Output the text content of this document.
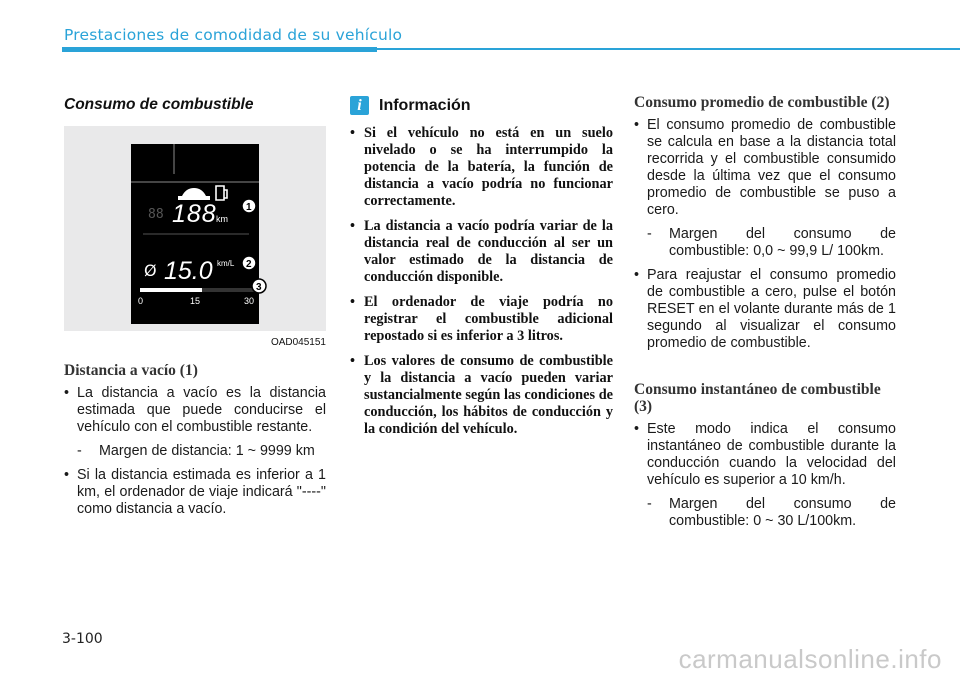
Prestaciones de comodidad de su vehículo
Consumo de combustible
88 188 km
Ø 15.0 km/L
0	15	30
1
2
3
OAD045151
Distancia a vacío (1)
• La distancia a vacío es la distancia estimada que puede conducirse el vehículo con el combustible restante.
- Margen de distancia: 1 ~ 9999 km
• Si la distancia estimada es inferior a 1 km, el ordenador de viaje indicará "----" como distancia a vacío.
i	Información
• Si el vehículo no está en un suelo nivelado o se ha interrumpido la potencia de la batería, la función de distancia a vacío podría no funcionar correctamente.
• La distancia a vacío podría variar de la distancia real de conducción al ser un valor estimado de la distancia de conducción disponible.
• El ordenador de viaje podría no registrar el combustible adicional repostado si es inferior a 3 litros.
• Los valores de consumo de combustible y la distancia a vacío pueden variar sustancialmente según las condiciones de conducción, los hábitos de conducción y la condición del vehículo.
Consumo promedio de combustible (2)
• El consumo promedio de combustible se calcula en base a la distancia total recorrida y el combustible consumido desde la última vez que el consumo promedio de combustible se puso a cero.
- Margen del consumo de combustible: 0,0 ~ 99,9 L/ 100km.
• Para reajustar el consumo promedio de combustible a cero, pulse el botón RESET en el volante durante más de 1 segundo al visualizar el consumo promedio de combustible.
Consumo instantáneo de combustible (3)
• Este modo indica el consumo instantáneo de combustible durante la conducción cuando la velocidad del vehículo es superior a 10 km/h.
- Margen del consumo de combustible: 0 ~ 30 L/100km.
3-100
carmanualsonline.info
